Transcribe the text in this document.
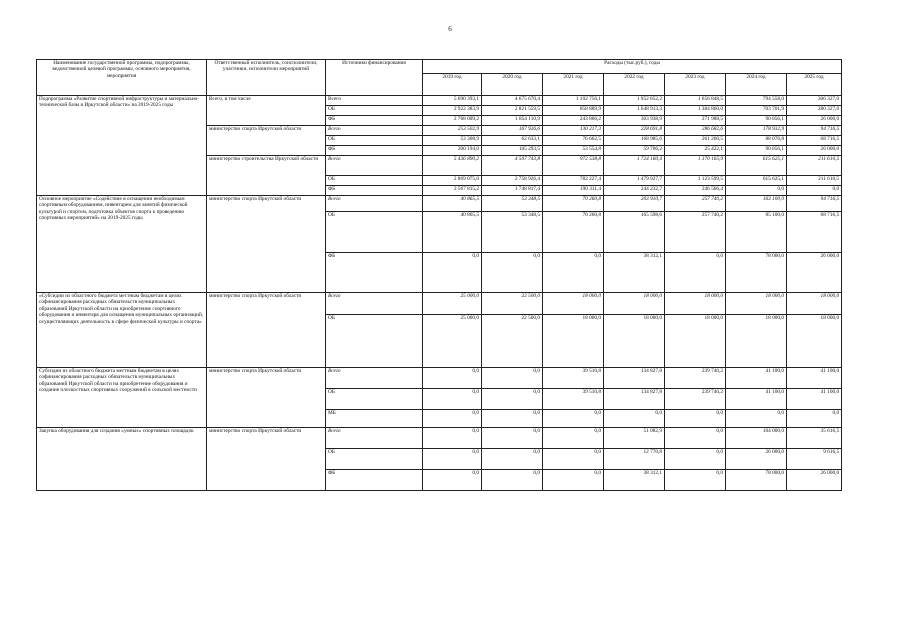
6
Наименование государственной программы, подпрограммы, ведомственной целевой программы, основного мероприятия, мероприятия	Ответственный исполнитель, соисполнители, участники, исполнители мероприятий	Источники финансирования	Расходы (тыс.руб.), годы						
			2019 год	2020 год	2021 год	2022 год	2023 год	2024 год	2025 год
Подпрограмма «Развитие спортивной инфраструктуры и материально-технической базы в Иркутской области» на 2019-2025 годы	Всего, в том числе	Всего	5 690 393,1	4 675 670,4	1 102 756,1	1 952 852,2	1 656 848,5	794 558,0	306 327,0
		ОБ	2 922 383,9	2 821 559,5	858 889,9	1 648 913,3	1 384 860,0	703 701,9	280 327,0
		ФБ	2 768 009,2	1 854 110,9	243 866,2	303 938,9	271 988,5	90 856,1	26 000,0
	министерство спорта Иркутской области	Всего	253 502,9	167 926,6	130 217,3	228 691,8	286 682,6	178 932,9	94 716,5
		ОБ	53 308,9	62 633,1	76 662,5	168 985,6	261 260,5	88 076,8	68 716,5
		ФБ	200 194,0	105 293,5	53 554,8	59 706,2	25 422,1	90 856,1	26 000,0
	министерство строительства Иркутской области	Всего	5 436 890,2	4 507 743,8	972 538,8	1 724 160,4	1 370 165,9	615 625,1	211 610,5
		ОБ	2 869 075,0	2 758 926,4	782 227,4	1 479 927,7	1 123 599,5	615 625,1	211 610,5
		ФБ	2 567 815,2	1 748 817,4	190 311,4	244 232,7	246 566,4	0,0	0,0
Основное мероприятие «Содействие в оснащении необходимым спортивным оборудованием, инвентарем для занятий физической культурой и спортом, подготовка объектов спорта к проведению спортивных мероприятий» на 2019-2025 годы	министерство спорта Иркутской области	Всего	40 865,5	53 348,5	70 260,8	203 910,7	257 740,2	163 100,0	94 716,5
		ОБ	40 865,5	53 348,5	70 260,8	165 598,6	257 740,2	85 100,0	68 716,5
		ФБ	0,0	0,0	0,0	38 312,1	0,0	78 000,0	26 000,0
«Субсидии из областного бюджета местным бюджетам в целях софинансирования расходных обязательств муниципальных образований Иркутской области на приобретение спортивного оборудования и инвентаря для оснащения муниципальных организаций, осуществляющих деятельность в сфере физической культуры и спорта»	министерство спорта Иркутской области	Всего	25 000,0	22 500,0	18 000,0	18 000,0	18 000,0	18 000,0	18 000,0
		ОБ	25 000,0	22 500,0	18 000,0	18 000,0	18 000,0	18 000,0	18 000,0
Субсидии из областного бюджета местным бюджетам в целях софинансирования расходных обязательств муниципальных образований Иркутской области на приобретение оборудования и создание плоскостных спортивных сооружений в сельской местности	министерство спорта Иркутской области	Всего	0,0	0,0	39 510,8	134 827,8	239 740,2	41 100,0	41 100,0
		ОБ	0,0	0,0	39 510,8	134 827,8	239 740,2	41 100,0	41 100,0
		МБ	0,0	0,0	0,0	0,0	0,0	0,0	0,0
Закупка оборудования для создания «умных» спортивных площадок	министерство спорта Иркутской области	Всего	0,0	0,0	0,0	51 082,9	0,0	104 000,0	35 616,5
		ОБ	0,0	0,0	0,0	12 770,8	0,0	26 000,0	9 616,5
		ФБ	0,0	0,0	0,0	38 312,1	0,0	78 000,0	26 000,0
